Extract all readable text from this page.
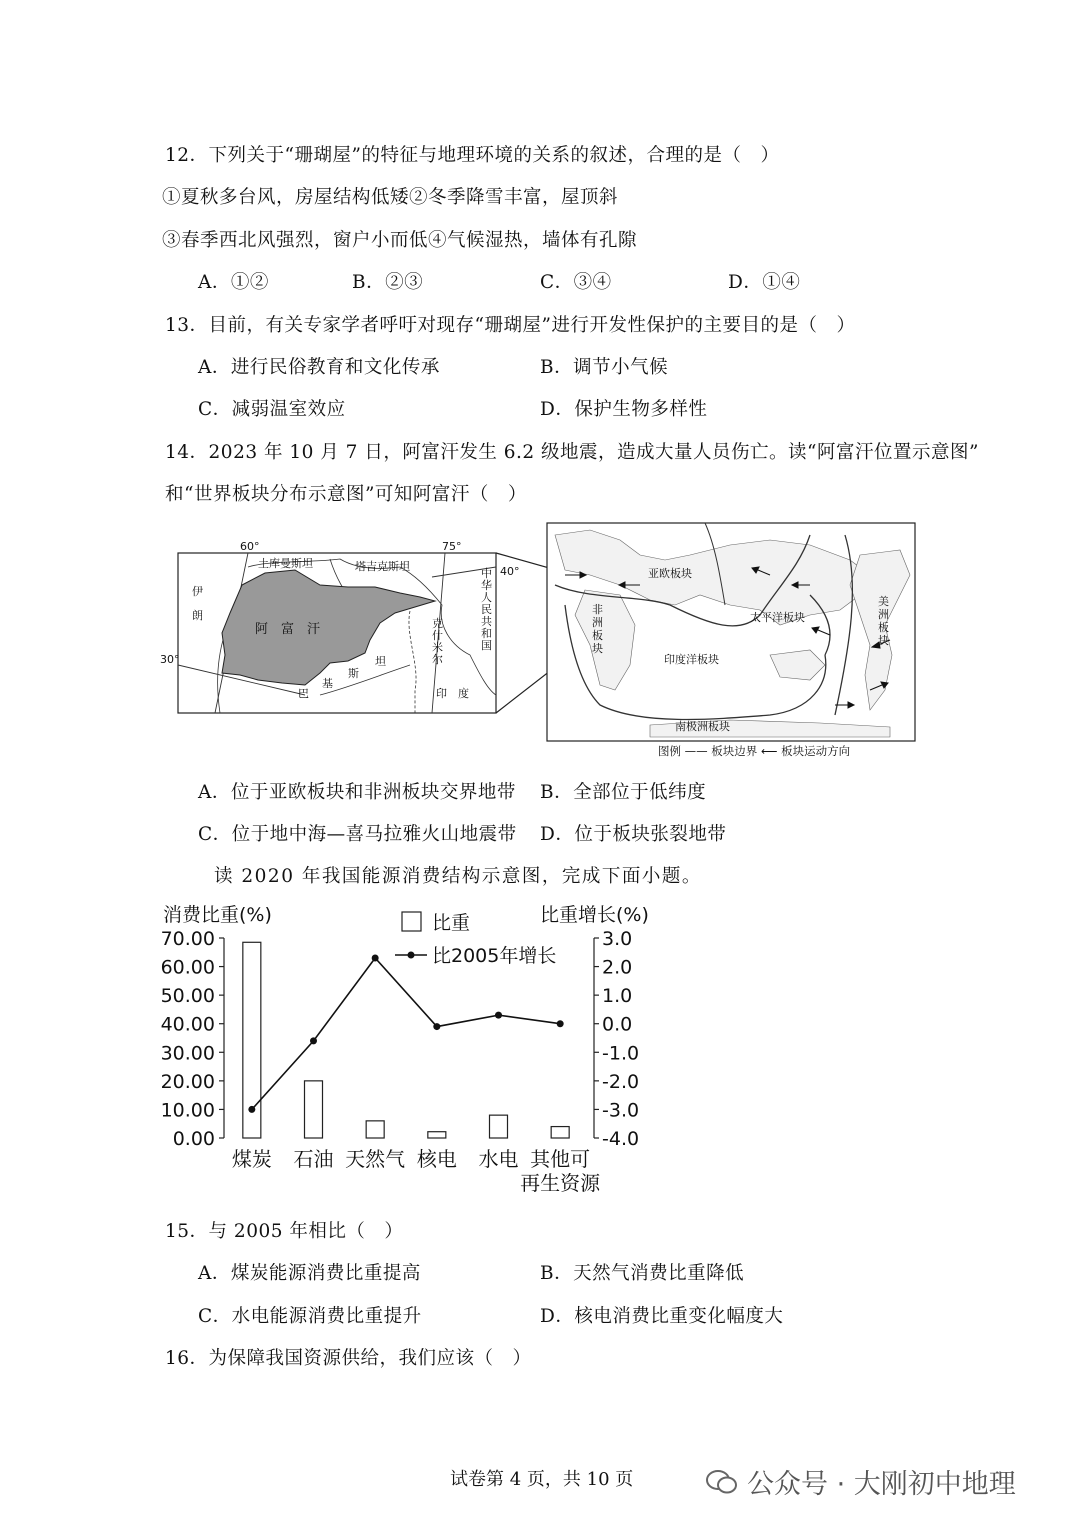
12．下列关于“珊瑚屋”的特征与地理环境的关系的叙述，合理的是（　）
①夏秋多台风，房屋结构低矮②冬季降雪丰富，屋顶斜
③春季西北风强烈，窗户小而低④气候湿热，墙体有孔隙
A．①②	B．②③	C．③④	D．①④
13．目前，有关专家学者呼吁对现存“珊瑚屋”进行开发性保护的主要目的是（　）
A．进行民俗教育和文化传承	B．调节小气候
C．减弱温室效应	D．保护生物多样性
14．2023 年 10 月 7 日，阿富汗发生 6.2 级地震，造成大量人员伤亡。读“阿富汗位置示意图”
和“世界板块分布示意图”可知阿富汗（　）
60°	75°
40°
30°
土库曼斯坦	塔吉克斯坦
伊
朗
阿　富　汗
巴
基
斯
坦
克
什
米
尔
中
华
人
民
共
和
国
印　度
亚欧板块
非
洲
板
块
太平洋板块
美
洲
板
块
印度洋板块
南极洲板块
图例 —— 板块边界 ⟵ 板块运动方向
A．位于亚欧板块和非洲板块交界地带 B．全部位于低纬度
C．位于地中海—喜马拉雅火山地震带 D．位于板块张裂地带
读 2020 年我国能源消费结构示意图，完成下面小题。
消费比重(%)	比重增长(%)
比重
比2005年增长
70.00
60.00
50.00
40.00
30.00
20.00
10.00
0.00
3.0
2.0
1.0
0.0
-1.0
-2.0
-3.0
-4.0
煤炭 石油 天然气 核电 水电 其他可
再生资源
15．与 2005 年相比（　）
A．煤炭能源消费比重提高	B．天然气消费比重降低
C．水电能源消费比重提升	D．核电消费比重变化幅度大
16．为保障我国资源供给，我们应该（　）
试卷第 4 页，共 10 页	公众号 · 大刚初中地理
